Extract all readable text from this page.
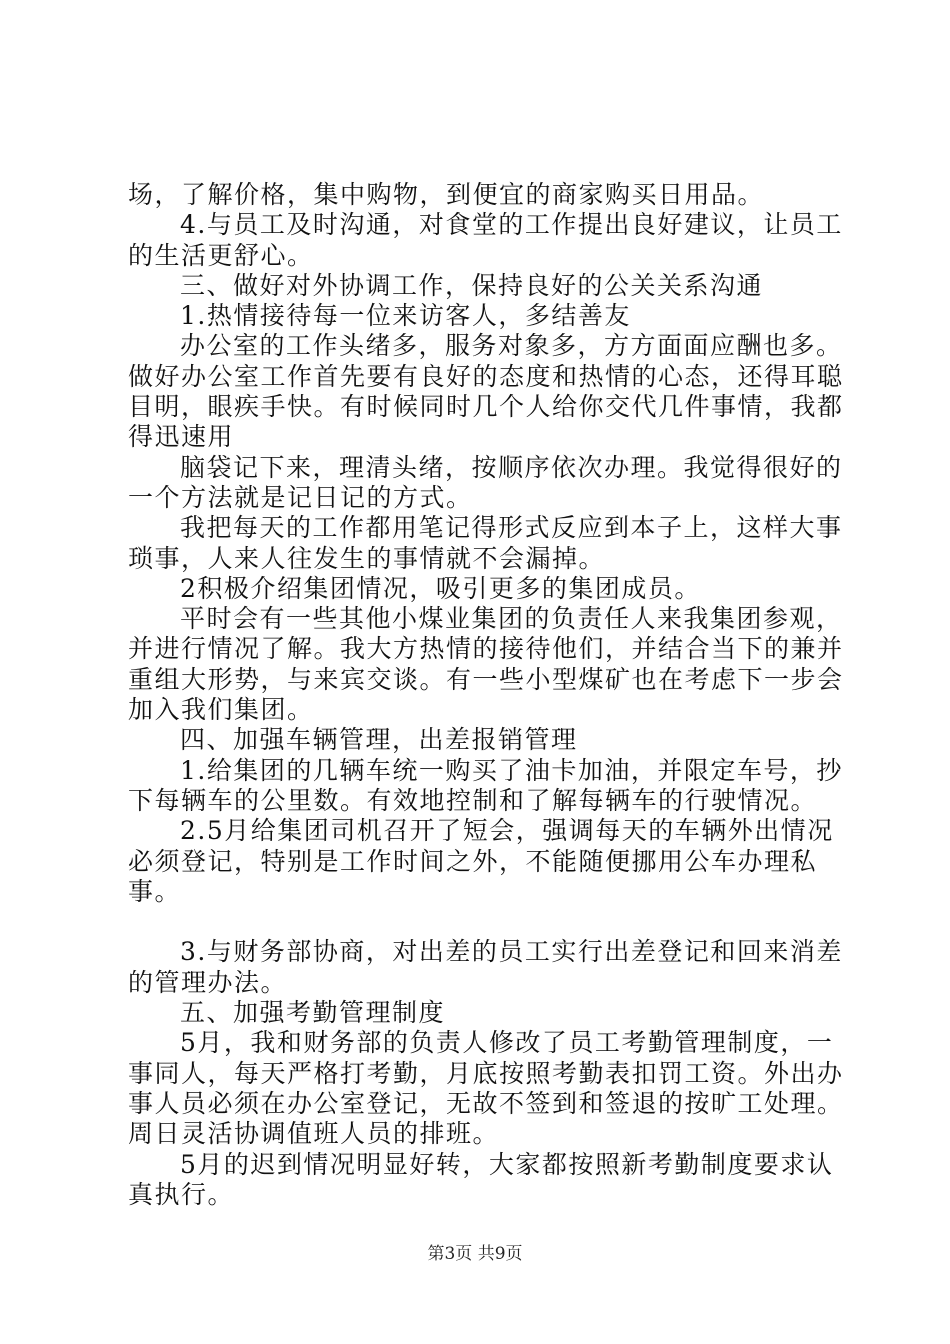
场，了解价格，集中购物，到便宜的商家购买日用品。

4.与员工及时沟通，对食堂的工作提出良好建议，让员工的生活更舒心。

三、做好对外协调工作，保持良好的公关关系沟通

1.热情接待每一位来访客人，多结善友

办公室的工作头绪多，服务对象多，方方面面应酬也多。做好办公室工作首先要有良好的态度和热情的心态，还得耳聪目明，眼疾手快。有时候同时几个人给你交代几件事情，我都得迅速用

脑袋记下来，理清头绪，按顺序依次办理。我觉得很好的一个方法就是记日记的方式。

我把每天的工作都用笔记得形式反应到本子上，这样大事琐事，人来人往发生的事情就不会漏掉。

2积极介绍集团情况，吸引更多的集团成员。

平时会有一些其他小煤业集团的负责任人来我集团参观，并进行情况了解。我大方热情的接待他们，并结合当下的兼并重组大形势，与来宾交谈。有一些小型煤矿也在考虑下一步会加入我们集团。

四、加强车辆管理，出差报销管理

1.给集团的几辆车统一购买了油卡加油，并限定车号，抄下每辆车的公里数。有效地控制和了解每辆车的行驶情况。

2.5月给集团司机召开了短会，强调每天的车辆外出情况必须登记，特别是工作时间之外，不能随便挪用公车办理私事。

3.与财务部协商，对出差的员工实行出差登记和回来消差的管理办法。

五、加强考勤管理制度

5月，我和财务部的负责人修改了员工考勤管理制度，一事同人，每天严格打考勤，月底按照考勤表扣罚工资。外出办事人员必须在办公室登记，无故不签到和签退的按旷工处理。周日灵活协调值班人员的排班。

5月的迟到情况明显好转，大家都按照新考勤制度要求认真执行。

第3页 共9页
